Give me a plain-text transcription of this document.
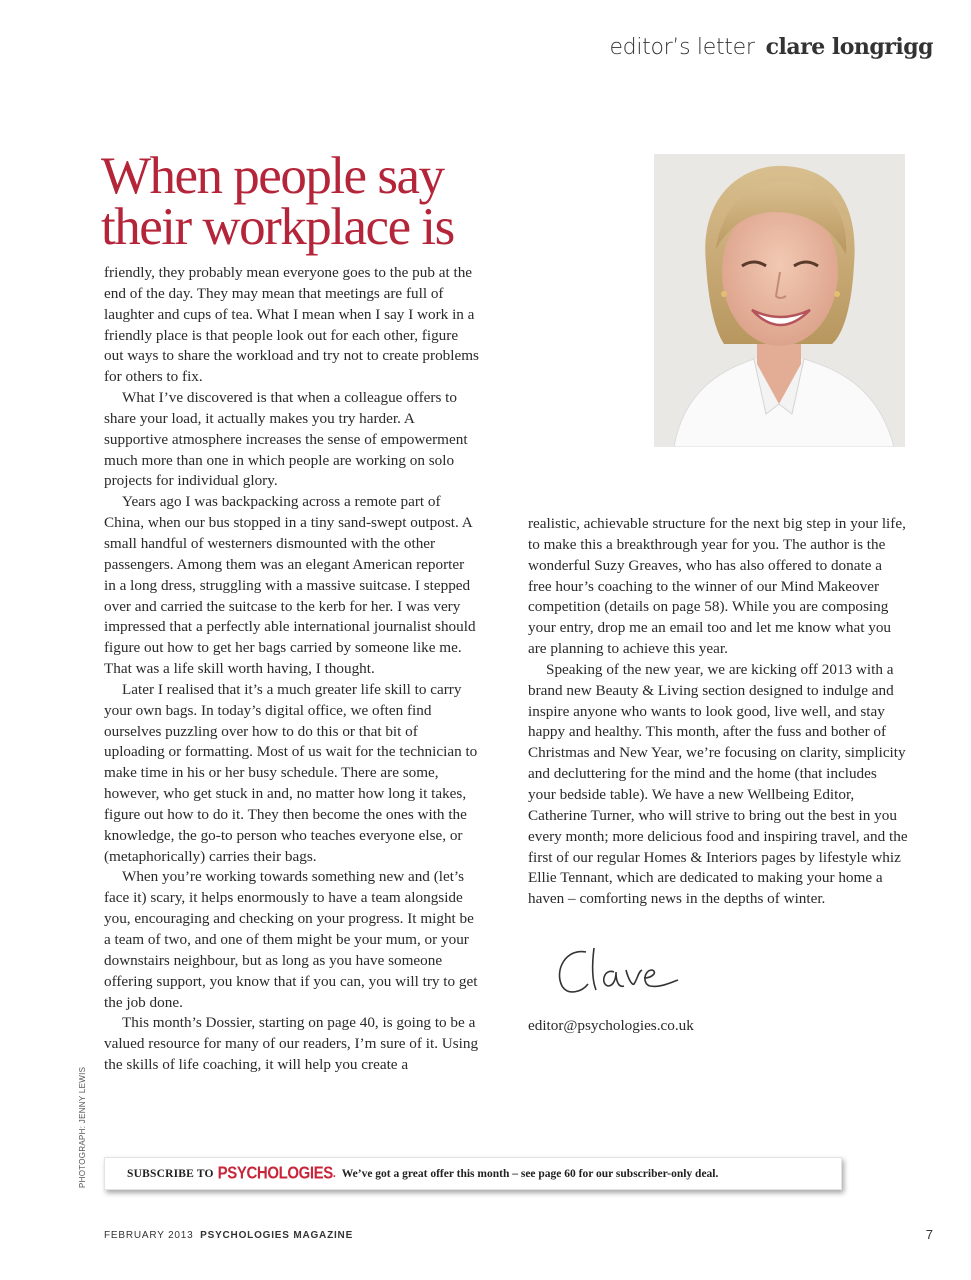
editor’s letter clare longrigg
When people say their workplace is

friendly, they probably mean everyone goes to the pub at the end of the day. They may mean that meetings are full of laughter and cups of tea. What I mean when I say I work in a friendly place is that people look out for each other, figure out ways to share the workload and try not to create problems for others to fix.

What I’ve discovered is that when a colleague offers to share your load, it actually makes you try harder. A supportive atmosphere increases the sense of empowerment much more than one in which people are working on solo projects for individual glory.

Years ago I was backpacking across a remote part of China, when our bus stopped in a tiny sand-swept outpost. A small handful of westerners dismounted with the other passengers. Among them was an elegant American reporter in a long dress, struggling with a massive suitcase. I stepped over and carried the suitcase to the kerb for her. I was very impressed that a perfectly able international journalist should figure out how to get her bags carried by someone like me. That was a life skill worth having, I thought.

Later I realised that it’s a much greater life skill to carry your own bags. In today’s digital office, we often find ourselves puzzling over how to do this or that bit of uploading or formatting. Most of us wait for the technician to make time in his or her busy schedule. There are some, however, who get stuck in and, no matter how long it takes, figure out how to do it. They then become the ones with the knowledge, the go-to person who teaches everyone else, or (metaphorically) carries their bags.

When you’re working towards something new and (let’s face it) scary, it helps enormously to have a team alongside you, encouraging and checking on your progress. It might be a team of two, and one of them might be your mum, or your downstairs neighbour, but as long as you have someone offering support, you know that if you can, you will try to get the job done.

This month’s Dossier, starting on page 40, is going to be a valued resource for many of our readers, I’m sure of it. Using the skills of life coaching, it will help you create a

realistic, achievable structure for the next big step in your life, to make this a breakthrough year for you. The author is the wonderful Suzy Greaves, who has also offered to donate a free hour’s coaching to the winner of our Mind Makeover competition (details on page 58). While you are composing your entry, drop me an email too and let me know what you are planning to achieve this year.

Speaking of the new year, we are kicking off 2013 with a brand new Beauty & Living section designed to indulge and inspire anyone who wants to look good, live well, and stay happy and healthy. This month, after the fuss and bother of Christmas and New Year, we’re focusing on clarity, simplicity and decluttering for the mind and the home (that includes your bedside table). We have a new Wellbeing Editor, Catherine Turner, who will strive to bring out the best in you every month; more delicious food and inspiring travel, and the first of our regular Homes & Interiors pages by lifestyle whiz Ellie Tennant, which are dedicated to making your home a haven – comforting news in the depths of winter.

editor@psychologies.co.uk
PHOTOGRAPH: JENNY LEWIS	SUBSCRIBE TO PSYCHOLOGIES . We’ve got a great offer this month – see page 60 for our subscriber-only deal.
FEBRUARY 2013 PSYCHOLOGIES MAGAZINE	7
